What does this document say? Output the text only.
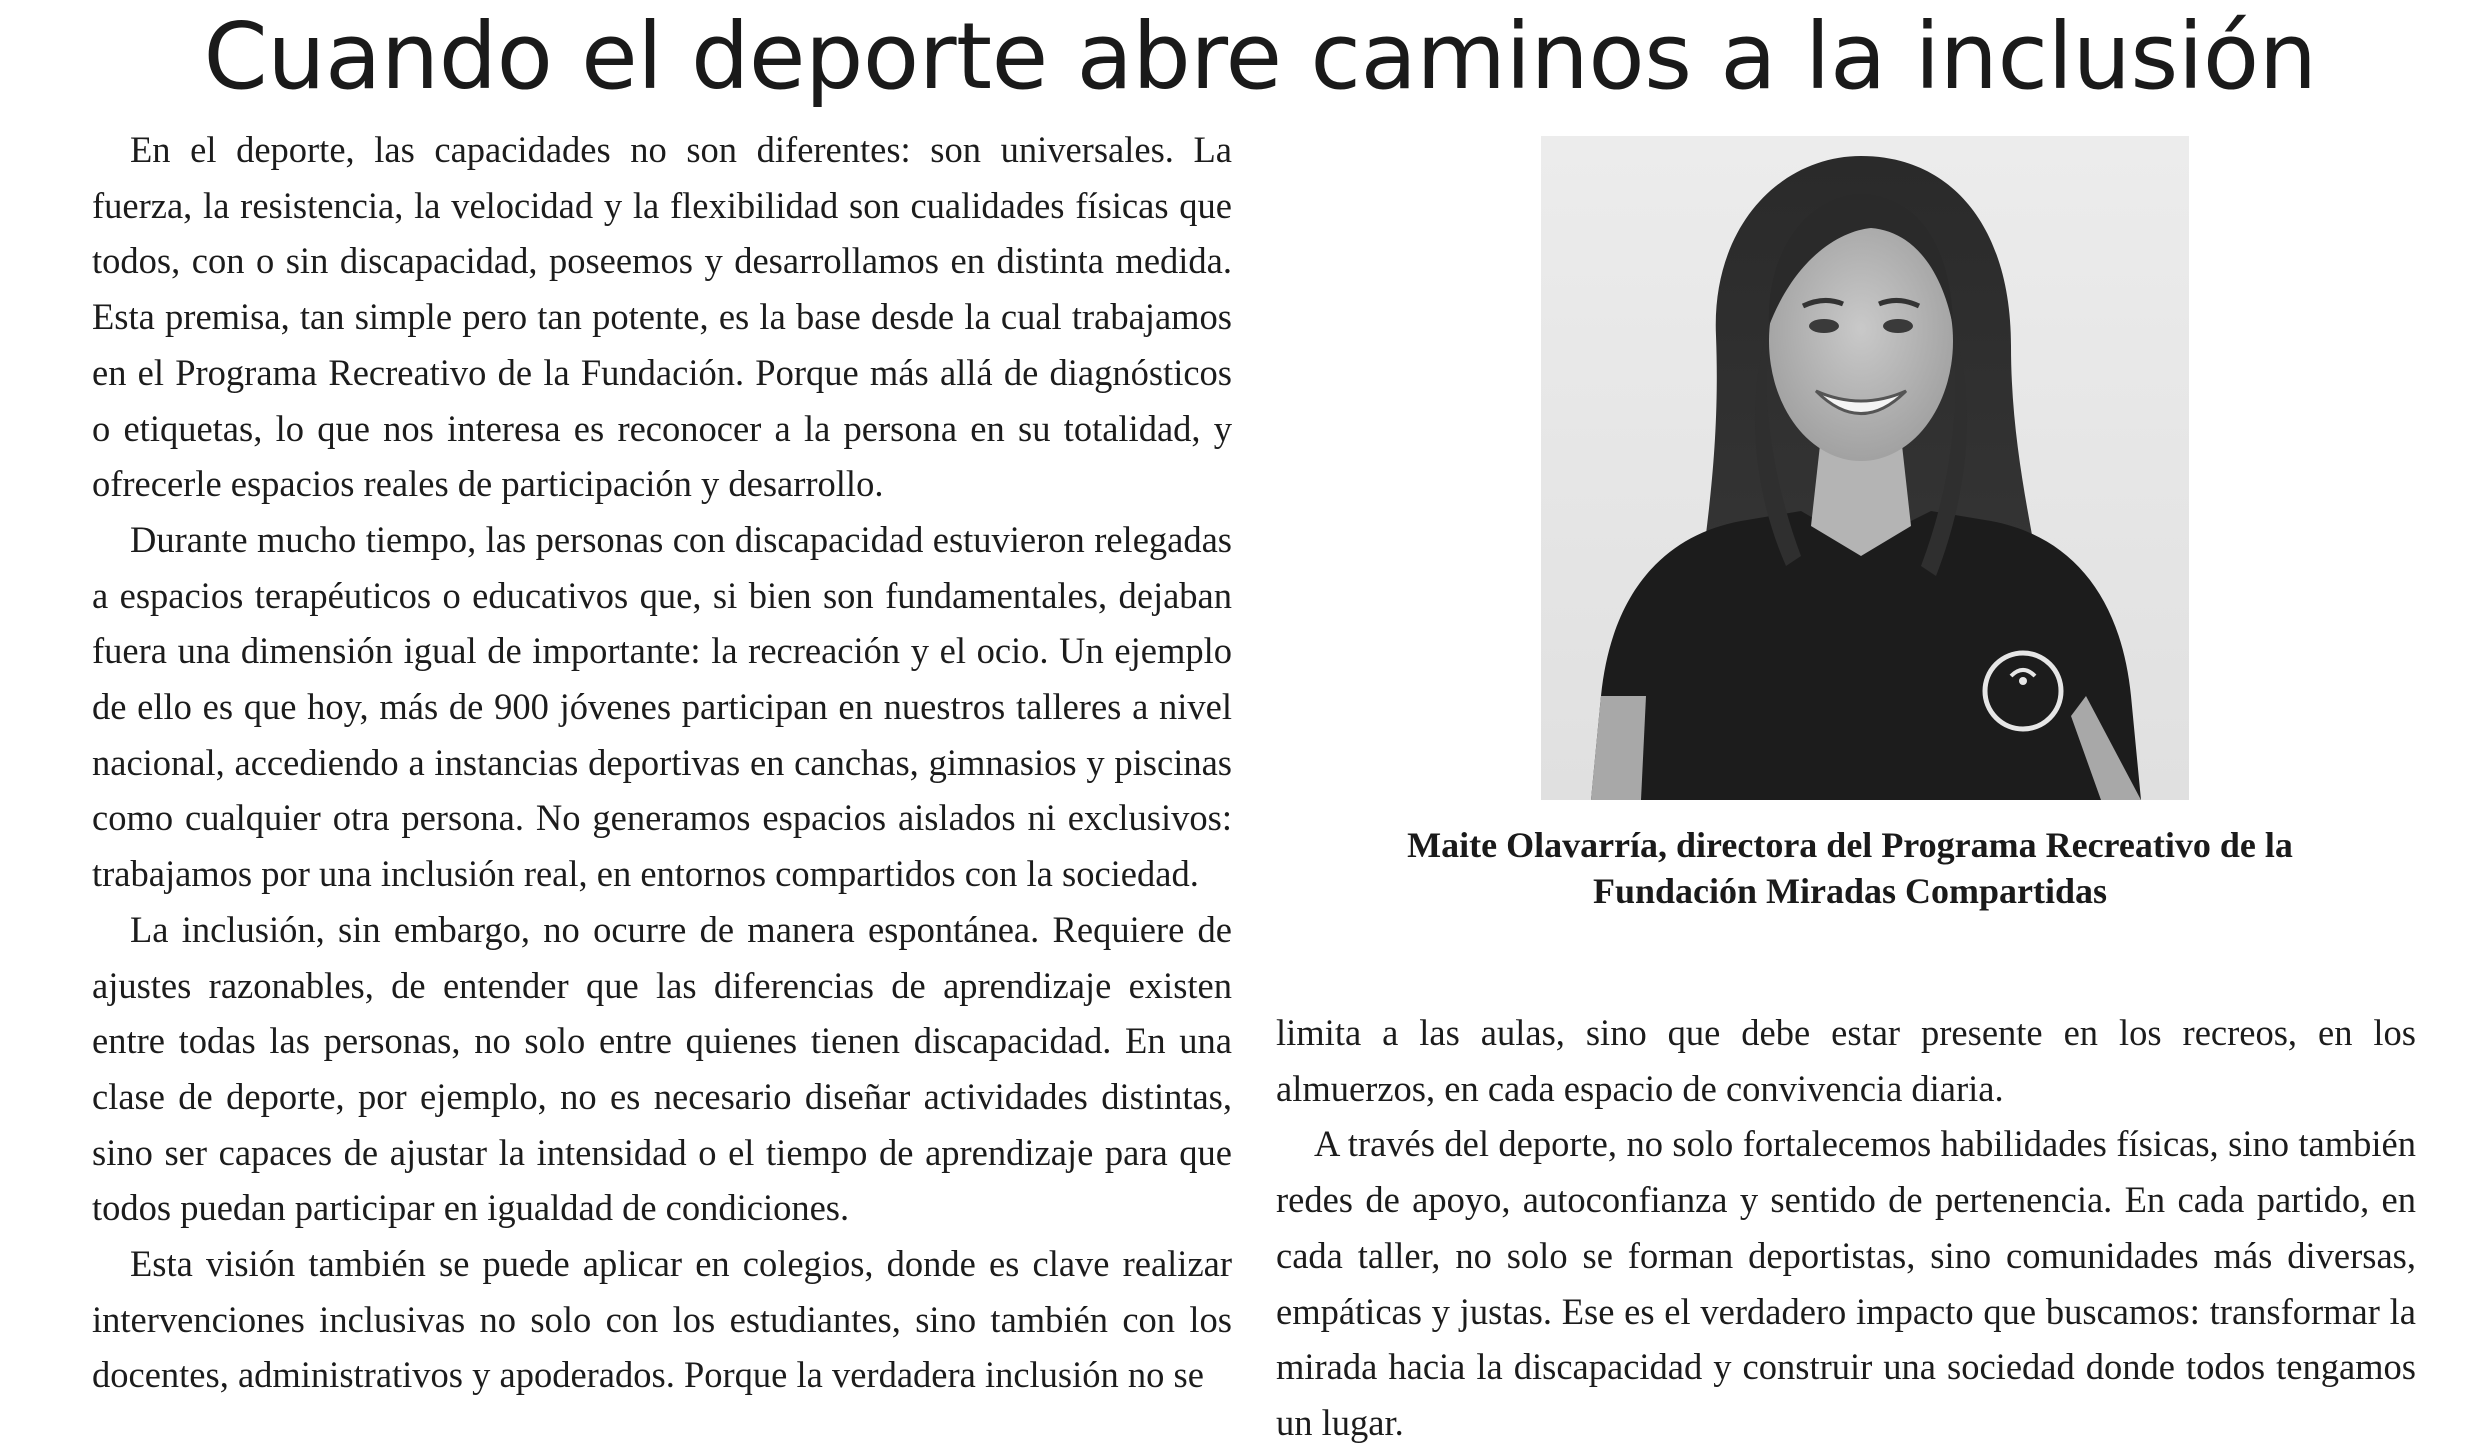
Cuando el deporte abre caminos a la inclusión

En el deporte, las capacidades no son diferentes: son universales. La fuerza, la resistencia, la velocidad y la flexibilidad son cualidades físicas que todos, con o sin discapacidad, poseemos y desarrollamos en distinta medida. Esta premisa, tan simple pero tan potente, es la base desde la cual trabajamos en el Programa Recreativo de la Fundación. Porque más allá de diagnósticos o etiquetas, lo que nos interesa es reconocer a la persona en su totalidad, y ofrecerle espacios reales de participación y desarrollo.

Durante mucho tiempo, las personas con discapacidad estuvieron relegadas a espacios terapéuticos o educativos que, si bien son fundamentales, dejaban fuera una dimensión igual de importante: la recreación y el ocio. Un ejemplo de ello es que hoy, más de 900 jóvenes participan en nuestros talleres a nivel nacional, accediendo a instancias deportivas en canchas, gimnasios y piscinas como cualquier otra persona. No generamos espacios aislados ni exclusivos: trabajamos por una inclusión real, en entornos compartidos con la sociedad.

La inclusión, sin embargo, no ocurre de manera espontánea. Requiere de ajustes razonables, de entender que las diferencias de aprendizaje existen entre todas las personas, no solo entre quienes tienen discapacidad. En una clase de deporte, por ejemplo, no es necesario diseñar actividades distintas, sino ser capaces de ajustar la intensidad o el tiempo de aprendizaje para que todos puedan participar en igualdad de condiciones.

Esta visión también se puede aplicar en colegios, donde es clave realizar intervenciones inclusivas no solo con los estudiantes, sino también con los docentes, administrativos y apoderados. Porque la verdadera inclusión no se

Maite Olavarría, directora del Programa Recreativo de la
Fundación Miradas Compartidas

limita a las aulas, sino que debe estar presente en los recreos, en los almuerzos, en cada espacio de convivencia diaria.

A través del deporte, no solo fortalecemos habilidades físicas, sino también redes de apoyo, autoconfianza y sentido de pertenencia. En cada partido, en cada taller, no solo se forman deportistas, sino comunidades más diversas, empáticas y justas. Ese es el verdadero impacto que buscamos: transformar la mirada hacia la discapacidad y construir una sociedad donde todos tengamos un lugar.
